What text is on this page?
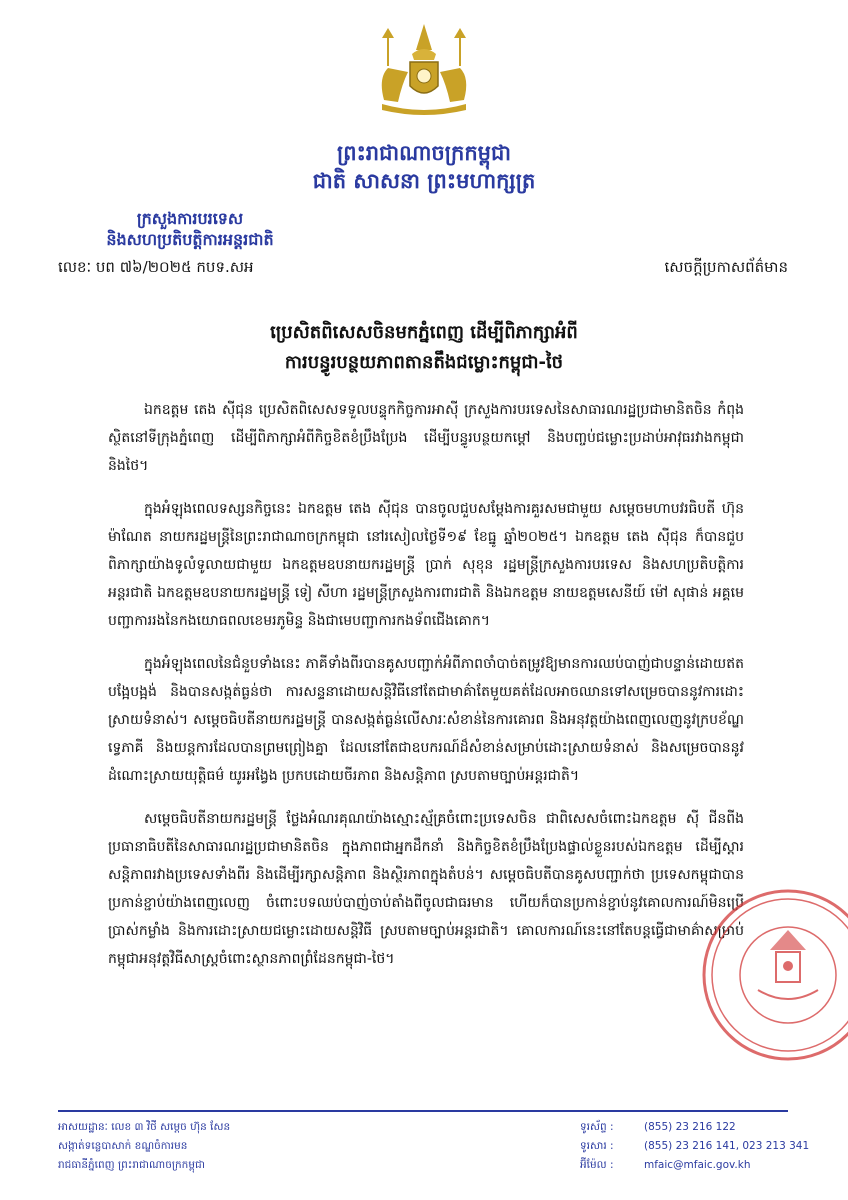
ព្រះរាជាណាចក្រកម្ពុជា
ជាតិ សាសនា ព្រះមហាក្សត្រ
ក្រសួងការបរទេស
និងសហប្រតិបត្តិការអន្តរជាតិ
លេខៈ បព ៧៦/២០២៥ កបទ.សអ	សេចក្ដីប្រកាសព័ត៌មាន
ប្រេសិតពិសេសចិនមកភ្នំពេញ ដើម្បីពិភាក្សាអំពី
ការបន្ធូរបន្ថយភាពតានតឹងជម្លោះកម្ពុជា-ថៃ

ឯកឧត្តម តេង ស៊ីជុន ប្រេសិតពិសេសទទួលបន្ទុកកិច្ចការអាស៊ី ក្រសួងការបរទេសនៃសាធារណរដ្ឋប្រជាមានិតចិន កំពុងស្ថិតនៅទីក្រុងភ្នំពេញ ដើម្បីពិភាក្សាអំពីកិច្ចខិតខំប្រឹងប្រែង ដើម្បីបន្ធូរបន្ថយកម្តៅ និងបញ្ចប់ជម្លោះប្រដាប់អាវុធរវាងកម្ពុជា និងថៃ។

ក្នុងអំឡុងពេលទស្សនកិច្ចនេះ ឯកឧត្តម តេង ស៊ីជុន បានចូលជួបសម្ដែងការគួរសមជាមួយ សម្ដេចមហាបវរធិបតី ហ៊ុន ម៉ាណែត នាយករដ្ឋមន្ត្រីនៃព្រះរាជាណាចក្រកម្ពុជា នៅរសៀលថ្ងៃទី១៩ ខែធ្នូ ឆ្នាំ២០២៥។ ឯកឧត្តម តេង ស៊ីជុន ក៏បានជួបពិភាក្សាយ៉ាងទូលំទូលាយជាមួយ ឯកឧត្តមឧបនាយករដ្ឋមន្ត្រី ប្រាក់ សុខុន រដ្ឋមន្ត្រីក្រសួងការបរទេស និងសហប្រតិបត្តិការអន្តរជាតិ ឯកឧត្តមឧបនាយករដ្ឋមន្ត្រី ទៀ សីហា រដ្ឋមន្ត្រីក្រសួងការពារជាតិ និងឯកឧត្តម នាយឧត្តមសេនីយ៍ ម៉ៅ សុផាន់ អគ្គមេបញ្ជាការរងនៃកងយោធពលខេមរភូមិន្ទ និងជាមេបញ្ជាការកងទ័ពជើងគោក។

ក្នុងអំឡុងពេលនៃជំនួបទាំងនេះ ភាគីទាំងពីរបានគូសបញ្ជាក់អំពីភាពចាំបាច់តម្រូវឱ្យមានការឈប់បាញ់ជាបន្ទាន់ដោយឥតបង្អែបង្អង់ និងបានសង្កត់ធ្ងន់ថា ការសន្ទនាដោយសន្តិវិធីនៅតែជាមាគ៌ាតែមួយគត់ដែលអាចឈានទៅសម្រេចបាននូវការដោះស្រាយទំនាស់។ សម្ដេចធិបតីនាយករដ្ឋមន្ត្រី បានសង្កត់ធ្ងន់លើសារៈសំខាន់នៃការគោរព និងអនុវត្តយ៉ាងពេញលេញនូវក្របខ័ណ្ឌទ្វេភាគី និងយន្តការដែលបានព្រមព្រៀងគ្នា ដែលនៅតែជាឧបករណ៍ដ៏សំខាន់សម្រាប់ដោះស្រាយទំនាស់ និងសម្រេចបាននូវដំណោះស្រាយយុត្តិធម៌ យូរអង្វែង ប្រកបដោយចីរភាព និងសន្តិភាព ស្របតាមច្បាប់អន្តរជាតិ។

សម្ដេចធិបតីនាយករដ្ឋមន្ត្រី ថ្លែងអំណរគុណយ៉ាងស្មោះស្ម័គ្រចំពោះប្រទេសចិន ជាពិសេសចំពោះឯកឧត្តម ស៊ី ជីនពីង ប្រធានាធិបតីនៃសាធារណរដ្ឋប្រជាមានិតចិន ក្នុងភាពជាអ្នកដឹកនាំ និងកិច្ចខិតខំប្រឹងប្រែងផ្ទាល់ខ្លួនរបស់ឯកឧត្តម ដើម្បីស្ដារសន្តិភាពរវាងប្រទេសទាំងពីរ និងដើម្បីរក្សាសន្តិភាព និងស្ថិរភាពក្នុងតំបន់។ សម្ដេចធិបតីបានគូសបញ្ជាក់ថា ប្រទេសកម្ពុជាបានប្រកាន់ខ្ជាប់យ៉ាងពេញលេញ ចំពោះបទឈប់បាញ់ចាប់តាំងពីចូលជាធរមាន ហើយក៏បានប្រកាន់ខ្ជាប់នូវគោលការណ៍មិនប្រើប្រាស់កម្លាំង និងការដោះស្រាយជម្លោះដោយសន្តិវិធី ស្របតាមច្បាប់អន្តរជាតិ។ គោលការណ៍នេះនៅតែបន្តធ្វើជាមាគ៌ាសម្រាប់កម្ពុជាអនុវត្តវិធីសាស្ត្រចំពោះស្ថានភាពព្រំដែនកម្ពុជា-ថៃ។

អាសយដ្ឋានៈ លេខ ៣ វិថី សម្តេច ហ៊ុន សែន
សង្កាត់ទន្លេបាសាក់ ខណ្ឌចំការមន
រាជធានីភ្នំពេញ ព្រះរាជាណាចក្រកម្ពុជា
ទូរស័ព្ទ :	(855) 23 216 122
ទូរសារ :	(855) 23 216 141, 023 213 341
អ៊ីម៉ែល :	mfaic@mfaic.gov.kh
